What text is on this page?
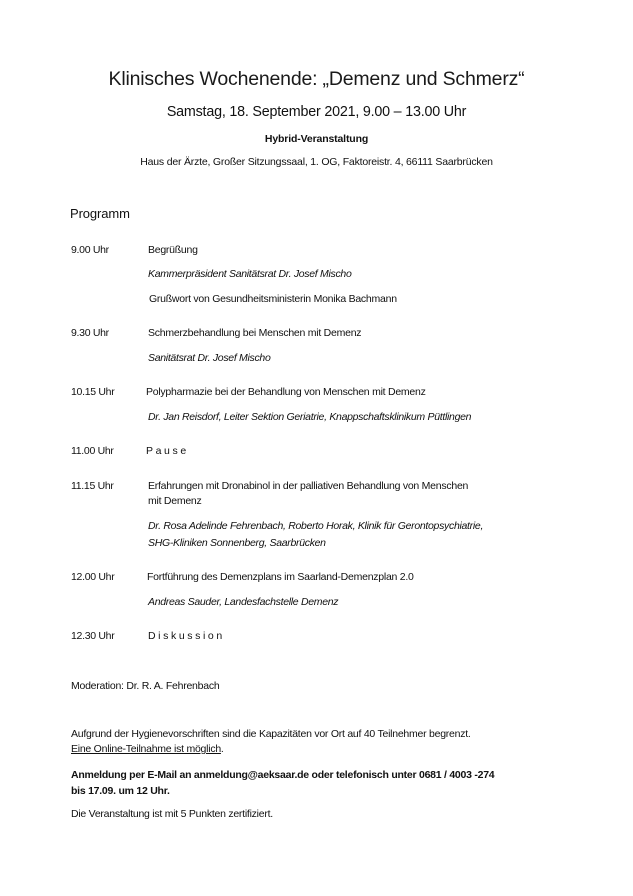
Klinisches Wochenende: „Demenz und Schmerz“
Samstag, 18. September 2021, 9.00 – 13.00 Uhr
Hybrid-Veranstaltung
Haus der Ärzte, Großer Sitzungssaal, 1. OG, Faktoreistr. 4, 66111 Saarbrücken
Programm
9.00 Uhr	Begrüßung
Kammerpräsident Sanitätsrat Dr. Josef Mischo
Grußwort von Gesundheitsministerin Monika Bachmann
9.30 Uhr	Schmerzbehandlung bei Menschen mit Demenz
Sanitätsrat Dr. Josef Mischo
10.15 Uhr	Polypharmazie bei der Behandlung von Menschen mit Demenz
Dr. Jan Reisdorf, Leiter Sektion Geriatrie, Knappschaftsklinikum Püttlingen
11.00 Uhr	Pause
11.15 Uhr	Erfahrungen mit Dronabinol in der palliativen Behandlung von Menschen
mit Demenz
Dr. Rosa Adelinde Fehrenbach, Roberto Horak, Klinik für Gerontopsychiatrie,
SHG-Kliniken Sonnenberg, Saarbrücken
12.00 Uhr	Fortführung des Demenzplans im Saarland-Demenzplan 2.0
Andreas Sauder, Landesfachstelle Demenz
12.30 Uhr	Diskussion
Moderation: Dr. R. A. Fehrenbach
Aufgrund der Hygienevorschriften sind die Kapazitäten vor Ort auf 40 Teilnehmer begrenzt.
Eine Online-Teilnahme ist möglich.
Anmeldung per E-Mail an anmeldung@aeksaar.de oder telefonisch unter 0681 / 4003 -274
bis 17.09. um 12 Uhr.
Die Veranstaltung ist mit 5 Punkten zertifiziert.
